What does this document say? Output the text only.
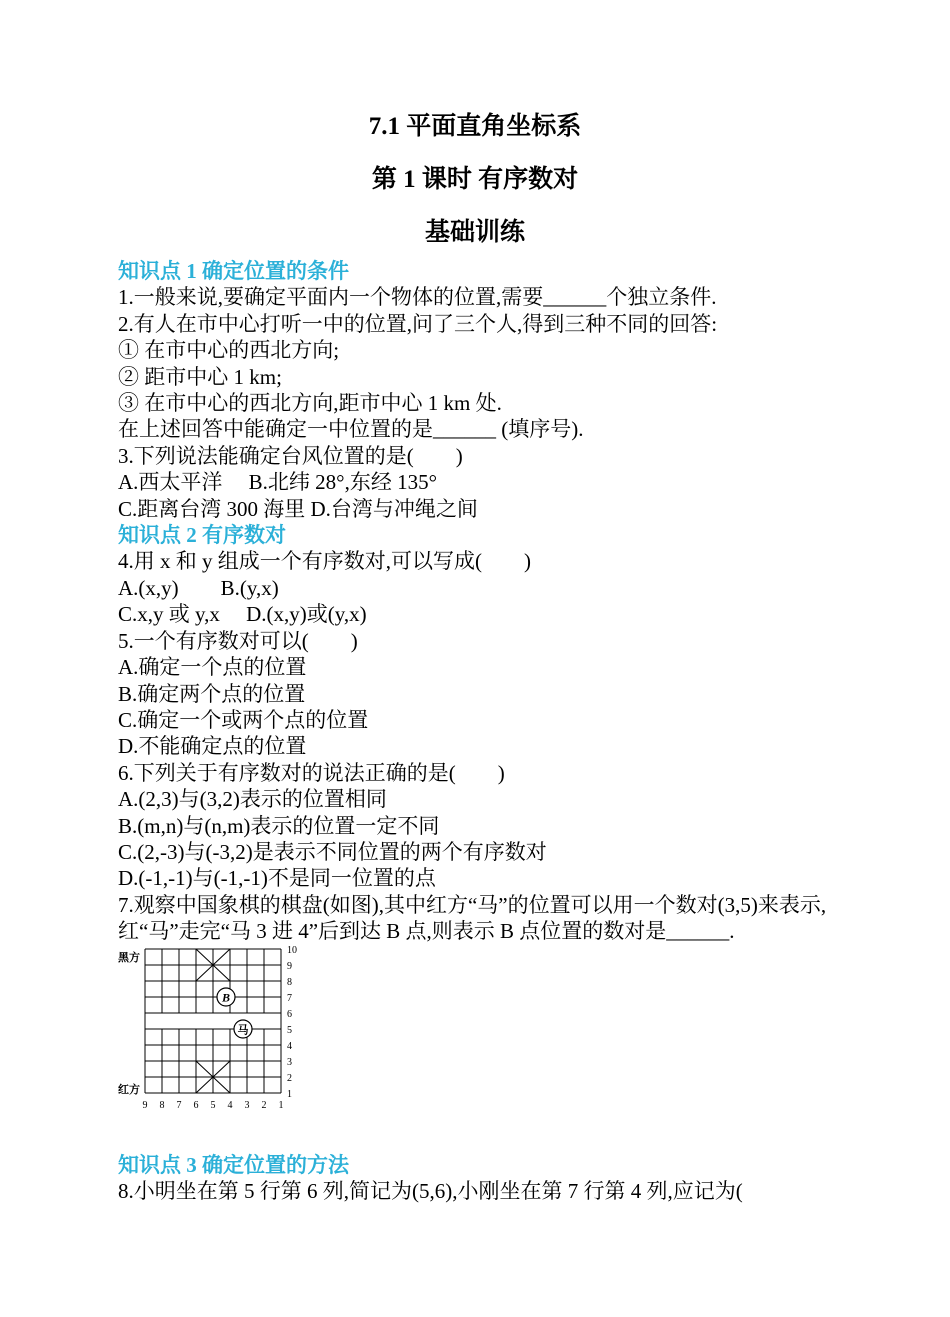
7.1 平面直角坐标系
第 1 课时 有序数对
基础训练
知识点 1 确定位置的条件
1.一般来说,要确定平面内一个物体的位置,需要______个独立条件.
2.有人在市中心打听一中的位置,问了三个人,得到三种不同的回答:
① 在市中心的西北方向;
② 距市中心 1 km;
③ 在市中心的西北方向,距市中心 1 km 处.
在上述回答中能确定一中位置的是______ (填序号).
3.下列说法能确定台风位置的是(　　)
A.西太平洋　 B.北纬 28°,东经 135°
C.距离台湾 300 海里 D.台湾与冲绳之间
知识点 2 有序数对
4.用 x 和 y 组成一个有序数对,可以写成(　　)
A.(x,y)　　B.(y,x)
C.x,y 或 y,x　 D.(x,y)或(y,x)
5.一个有序数对可以(　　)
A.确定一个点的位置
B.确定两个点的位置
C.确定一个或两个点的位置
D.不能确定点的位置
6.下列关于有序数对的说法正确的是(　　)
A.(2,3)与(3,2)表示的位置相同
B.(m,n)与(n,m)表示的位置一定不同
C.(2,-3)与(-3,2)是表示不同位置的两个有序数对
D.(-1,-1)与(-1,-1)不是同一位置的点
7.观察中国象棋的棋盘(如图),其中红方“马”的位置可以用一个数对(3,5)来表示,红“马”走完“马 3 进 4”后到达 B 点,则表示 B 点位置的数对是______.
黑方
红方
9 8 7 6 5 4 3 2 1
10
9
8
7
6
5
4
3
2
1
B
马
知识点 3 确定位置的方法
8.小明坐在第 5 行第 6 列,简记为(5,6),小刚坐在第 7 行第 4 列,应记为(
